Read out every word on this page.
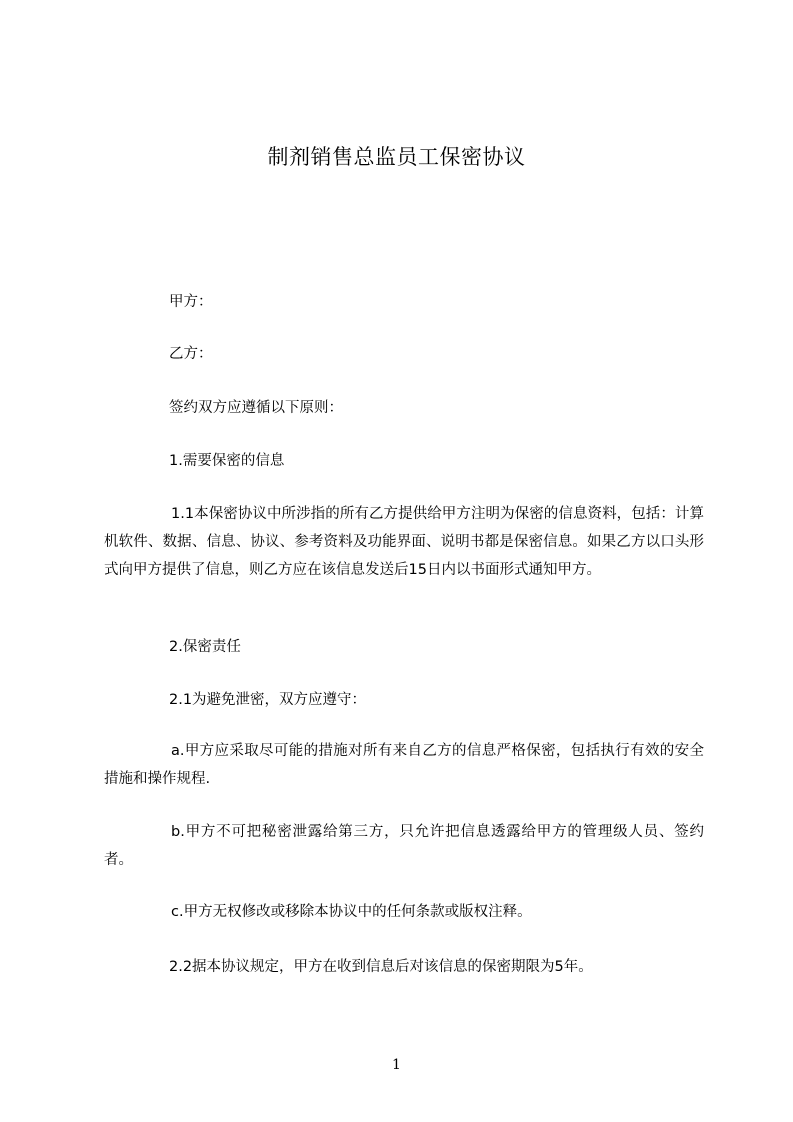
制剂销售总监员工保密协议
甲方：
乙方：
签约双方应遵循以下原则：
1.需要保密的信息
1.1本保密协议中所涉指的所有乙方提供给甲方注明为保密的信息资料，包括：计算机软件、数据、信息、协议、参考资料及功能界面、说明书都是保密信息。如果乙方以口头形式向甲方提供了信息，则乙方应在该信息发送后15日内以书面形式通知甲方。
2.保密责任
2.1为避免泄密，双方应遵守：
a.甲方应采取尽可能的措施对所有来自乙方的信息严格保密，包括执行有效的安全措施和操作规程.
b.甲方不可把秘密泄露给第三方，只允许把信息透露给甲方的管理级人员、签约者。
c.甲方无权修改或移除本协议中的任何条款或版权注释。
2.2据本协议规定，甲方在收到信息后对该信息的保密期限为5年。
1
